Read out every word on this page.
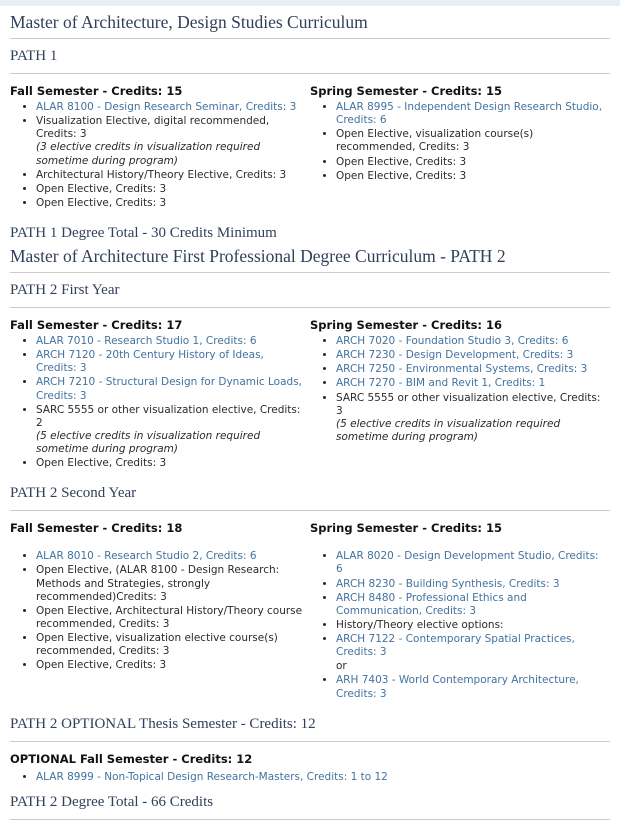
Master of Architecture, Design Studies Curriculum
PATH 1
Fall Semester - Credits: 15
• ALAR 8100 - Design Research Seminar, Credits: 3
• Visualization Elective, digital recommended, Credits: 3
(3 elective credits in visualization required sometime during program)
• Architectural History/Theory Elective, Credits: 3
• Open Elective, Credits: 3
• Open Elective, Credits: 3
Spring Semester - Credits: 15
• ALAR 8995 - Independent Design Research Studio, Credits: 6
• Open Elective, visualization course(s) recommended, Credits: 3
• Open Elective, Credits: 3
• Open Elective, Credits: 3
PATH 1 Degree Total - 30 Credits Minimum
Master of Architecture First Professional Degree Curriculum - PATH 2
PATH 2 First Year
Fall Semester - Credits: 17
• ALAR 7010 - Research Studio 1, Credits: 6
• ARCH 7120 - 20th Century History of Ideas, Credits: 3
• ARCH 7210 - Structural Design for Dynamic Loads, Credits: 3
• SARC 5555 or other visualization elective, Credits: 2
(5 elective credits in visualization required sometime during program)
• Open Elective, Credits: 3
Spring Semester - Credits: 16
• ARCH 7020 - Foundation Studio 3, Credits: 6
• ARCH 7230 - Design Development, Credits: 3
• ARCH 7250 - Environmental Systems, Credits: 3
• ARCH 7270 - BIM and Revit 1, Credits: 1
• SARC 5555 or other visualization elective, Credits: 3
(5 elective credits in visualization required sometime during program)
PATH 2 Second Year
Fall Semester - Credits: 18
• ALAR 8010 - Research Studio 2, Credits: 6
• Open Elective, (ALAR 8100 - Design Research: Methods and Strategies, strongly recommended)Credits: 3
• Open Elective, Architectural History/Theory course recommended, Credits: 3
• Open Elective, visualization elective course(s) recommended, Credits: 3
• Open Elective, Credits: 3
Spring Semester - Credits: 15
• ALAR 8020 - Design Development Studio, Credits: 6
• ARCH 8230 - Building Synthesis, Credits: 3
• ARCH 8480 - Professional Ethics and Communication, Credits: 3
• History/Theory elective options:
• ARCH 7122 - Contemporary Spatial Practices, Credits: 3
or
• ARH 7403 - World Contemporary Architecture, Credits: 3
PATH 2 OPTIONAL Thesis Semester - Credits: 12
OPTIONAL Fall Semester - Credits: 12
• ALAR 8999 - Non-Topical Design Research-Masters, Credits: 1 to 12
PATH 2 Degree Total - 66 Credits
